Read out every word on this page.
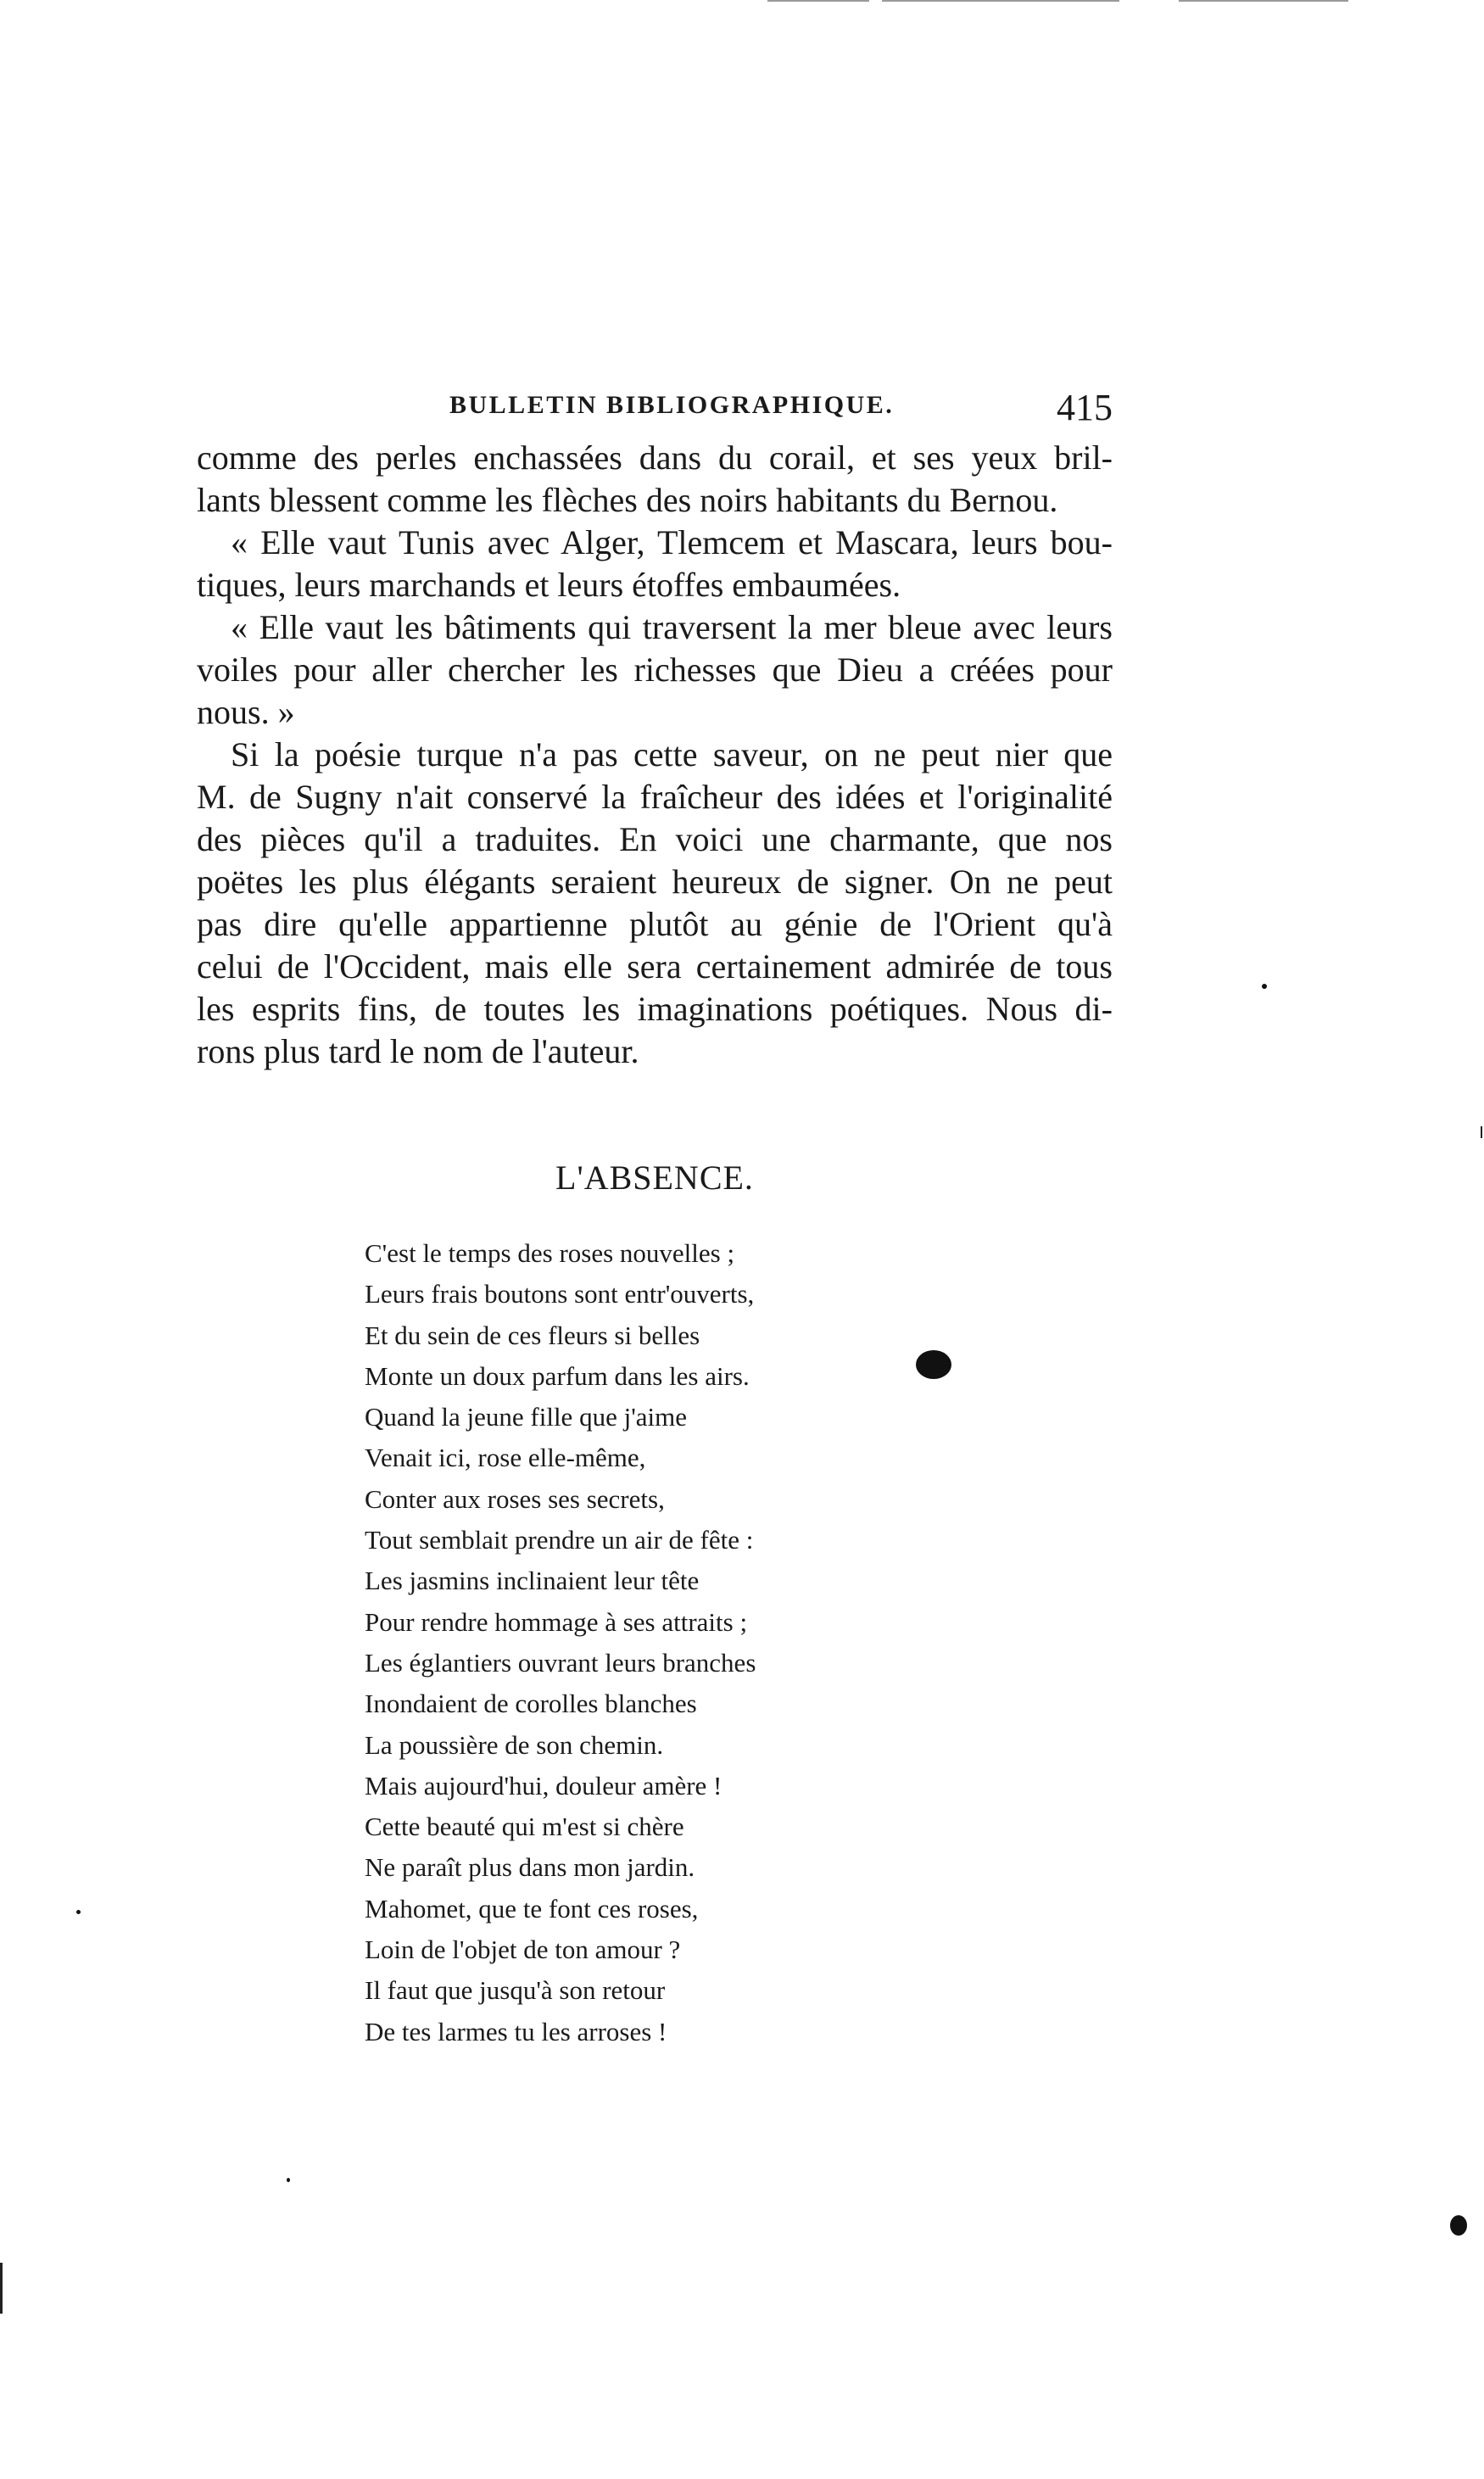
BULLETIN BIBLIOGRAPHIQUE.	415
comme des perles enchassées dans du corail, et ses yeux bril-
lants blessent comme les flèches des noirs habitants du Bernou.
« Elle vaut Tunis avec Alger, Tlemcem et Mascara, leurs bou-
tiques, leurs marchands et leurs étoffes embaumées.
« Elle vaut les bâtiments qui traversent la mer bleue avec leurs
voiles pour aller chercher les richesses que Dieu a créées pour
nous. »
Si la poésie turque n'a pas cette saveur, on ne peut nier que
M. de Sugny n'ait conservé la fraîcheur des idées et l'originalité
des pièces qu'il a traduites. En voici une charmante, que nos
poëtes les plus élégants seraient heureux de signer. On ne peut
pas dire qu'elle appartienne plutôt au génie de l'Orient qu'à
celui de l'Occident, mais elle sera certainement admirée de tous
les esprits fins, de toutes les imaginations poétiques. Nous di-
rons plus tard le nom de l'auteur.
L'ABSENCE.
C'est le temps des roses nouvelles ;
Leurs frais boutons sont entr'ouverts,
Et du sein de ces fleurs si belles
Monte un doux parfum dans les airs.
Quand la jeune fille que j'aime
Venait ici, rose elle-même,
Conter aux roses ses secrets,
Tout semblait prendre un air de fête :
Les jasmins inclinaient leur tête
Pour rendre hommage à ses attraits ;
Les églantiers ouvrant leurs branches
Inondaient de corolles blanches
La poussière de son chemin.
Mais aujourd'hui, douleur amère !
Cette beauté qui m'est si chère
Ne paraît plus dans mon jardin.
Mahomet, que te font ces roses,
Loin de l'objet de ton amour ?
Il faut que jusqu'à son retour
De tes larmes tu les arroses !
